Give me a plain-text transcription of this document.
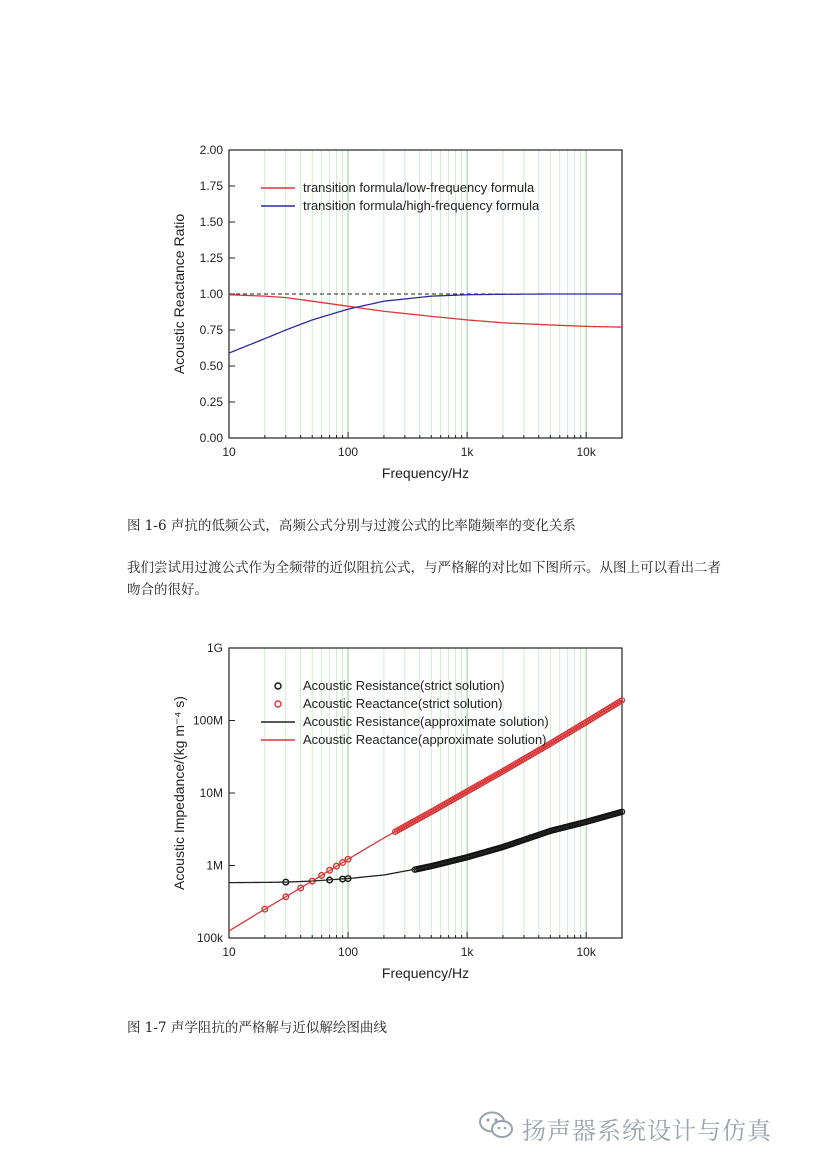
10	100	1k	10k
0.00
0.25
0.50
0.75
1.00
1.25
1.50
1.75
2.00
Frequency/Hz
Acoustic Reactance Ratio
transition formula/low-frequency formula
transition formula/high-frequency formula
图 1-6 声抗的低频公式，高频公式分别与过渡公式的比率随频率的变化关系
我们尝试用过渡公式作为全频带的近似阻抗公式，与严格解的对比如下图所示。从图上可以看出二者吻合的很好。
10	100	1k	10k
100k
1M
10M
100M
1G
Frequency/Hz
Acoustic Impedance/(kg m⁻⁴ s)
Acoustic Resistance(strict solution)
Acoustic Reactance(strict solution)
Acoustic Resistance(approximate solution)
Acoustic Reactance(approximate solution)
图 1-7 声学阻抗的严格解与近似解绘图曲线
扬声器系统设计与仿真
